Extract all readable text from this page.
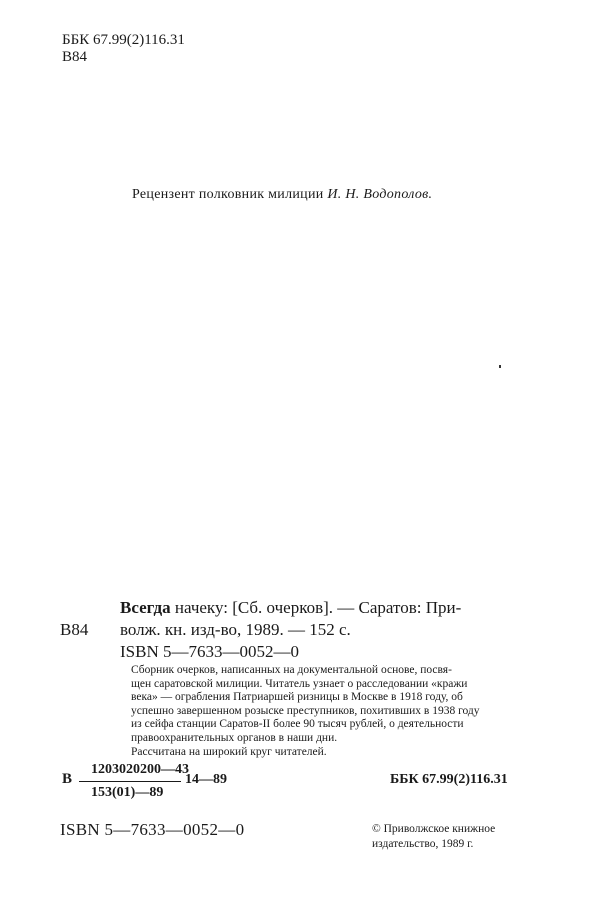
ББК 67.99(2)116.31
В84
Рецензент полковник милиции И. Н. Водополов.
В84
Всегда начеку: [Сб. очерков]. — Саратов: При-
волж. кн. изд-во, 1989. — 152 с.
ISBN 5—7633—0052—0
Сборник очерков, написанных на документальной основе, посвя-
щен саратовской милиции. Читатель узнает о расследовании «кражи
века» — ограбления Патриаршей ризницы в Москве в 1918 году, об
успешно завершенном розыске преступников, похитивших в 1938 году
из сейфа станции Саратов-II более 90 тысяч рублей, о деятельности
правоохранительных органов в наши дни.
Рассчитана на широкий круг читателей.
В
1203020200—43
153(01)—89
14—89	ББК 67.99(2)116.31
ISBN 5—7633—0052—0	© Приволжское книжное
издательство, 1989 г.
